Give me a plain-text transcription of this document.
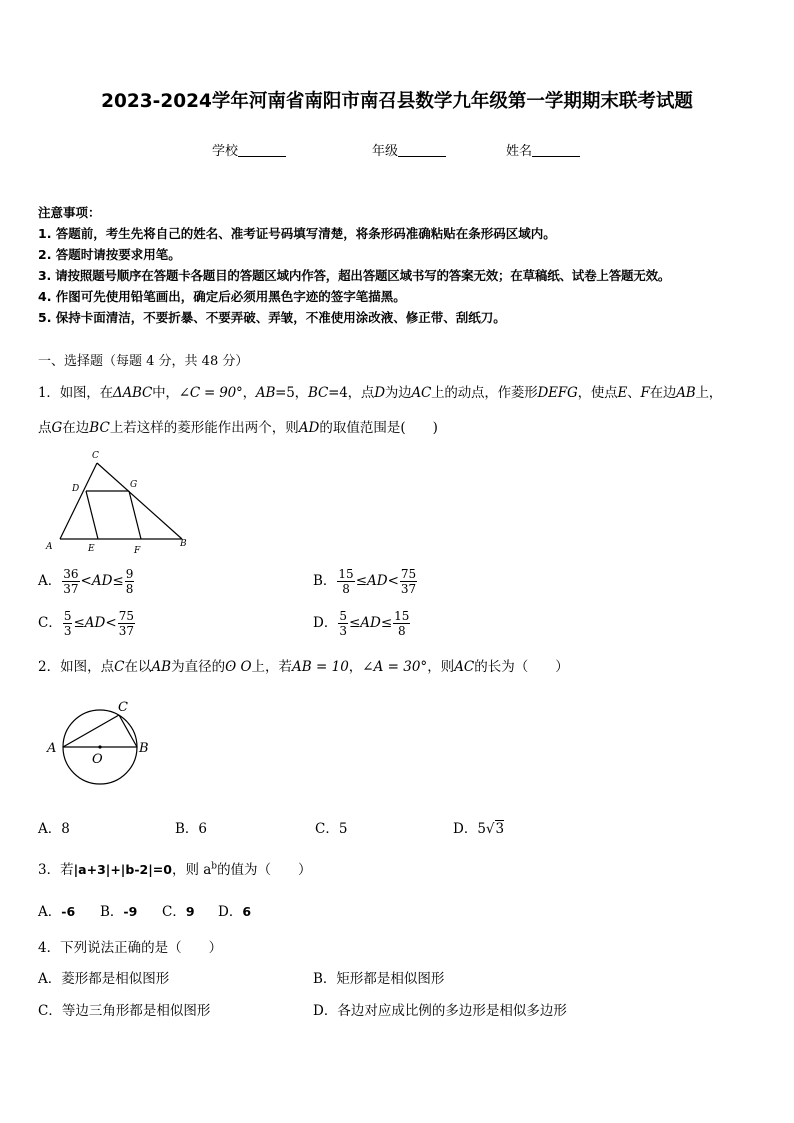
2023-2024学年河南省南阳市南召县数学九年级第一学期期末联考试题
学校	年级	姓名
注意事项：
1. 答题前，考生先将自己的姓名、准考证号码填写清楚，将条形码准确粘贴在条形码区域内。
2. 答题时请按要求用笔。
3. 请按照题号顺序在答题卡各题目的答题区域内作答，超出答题区域书写的答案无效；在草稿纸、试卷上答题无效。
4. 作图可先使用铅笔画出，确定后必须用黑色字迹的签字笔描黑。
5. 保持卡面清洁，不要折暴、不要弄破、弄皱，不准使用涂改液、修正带、刮纸刀。
一、选择题（每题 4 分，共 48 分）
1．如图，在ΔABC中，∠C = 90°，AB=5，BC=4，点D为边AC上的动点，作菱形DEFG，使点E、F在边AB上，
点G在边BC上若这样的菱形能作出两个，则AD的取值范围是(　　)
C
D	G
A	E	F
B
A． $\frac{36}{37} <AD\le \frac{9}{8}$	B． $\frac{15}{8} \le AD< \frac{75}{37}$
C． $\frac{5}{3} \le AD< \frac{75}{37}$	D． $\frac{5}{3} \le AD\le \frac{15}{8}$
2．如图，点C在以AB为直径的ʘ O上，若AB = 10，∠A = 30°，则AC的长为（　　）
A	B
C
O
A．8	B．6	C．5	D．5√3
3．若|a+3|+|b-2|=0，则 $a^b$的值为（　　）
A．-6 B．-9 C．9 D．6
4．下列说法正确的是（　　）
A．菱形都是相似图形	B．矩形都是相似图形
C．等边三角形都是相似图形	D．各边对应成比例的多边形是相似多边形
